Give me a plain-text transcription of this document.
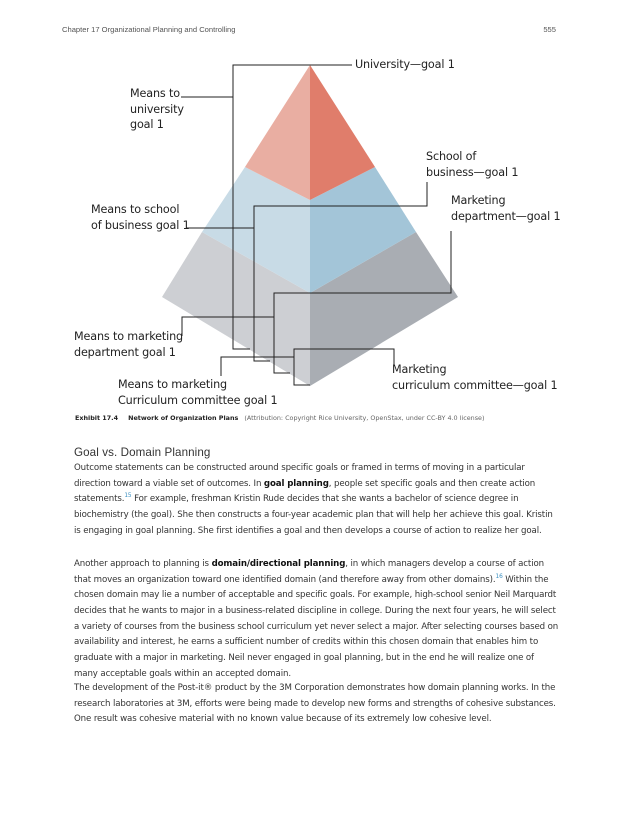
Chapter 17 Organizational Planning and Controlling	555
University—goal 1
Means to
university
goal 1
School of
business—goal 1
Means to school
of business goal 1
Marketing
department—goal 1
Means to marketing
department goal 1
Marketing
curriculum committee—goal 1
Means to marketing
Curriculum committee goal 1
Exhibit 17.4 Network of Organization Plans (Attribution: Copyright Rice University, OpenStax, under CC-BY 4.0 license)
Goal vs. Domain Planning
Outcome statements can be constructed around specific goals or framed in terms of moving in a particular direction toward a viable set of outcomes. In goal planning, people set specific goals and then create action statements.$^{15}$ For example, freshman Kristin Rude decides that she wants a bachelor of science degree in biochemistry (the goal). She then constructs a four-year academic plan that will help her achieve this goal. Kristin is engaging in goal planning. She first identifies a goal and then develops a course of action to realize her goal.
Another approach to planning is domain/directional planning, in which managers develop a course of action that moves an organization toward one identified domain (and therefore away from other domains).$^{16}$ Within the chosen domain may lie a number of acceptable and specific goals. For example, high-school senior Neil Marquardt decides that he wants to major in a business-related discipline in college. During the next four years, he will select a variety of courses from the business school curriculum yet never select a major. After selecting courses based on availability and interest, he earns a sufficient number of credits within this chosen domain that enables him to graduate with a major in marketing. Neil never engaged in goal planning, but in the end he will realize one of many acceptable goals within an accepted domain.
The development of the Post-it® product by the 3M Corporation demonstrates how domain planning works. In the research laboratories at 3M, efforts were being made to develop new forms and strengths of cohesive substances. One result was cohesive material with no known value because of its extremely low cohesive level.
